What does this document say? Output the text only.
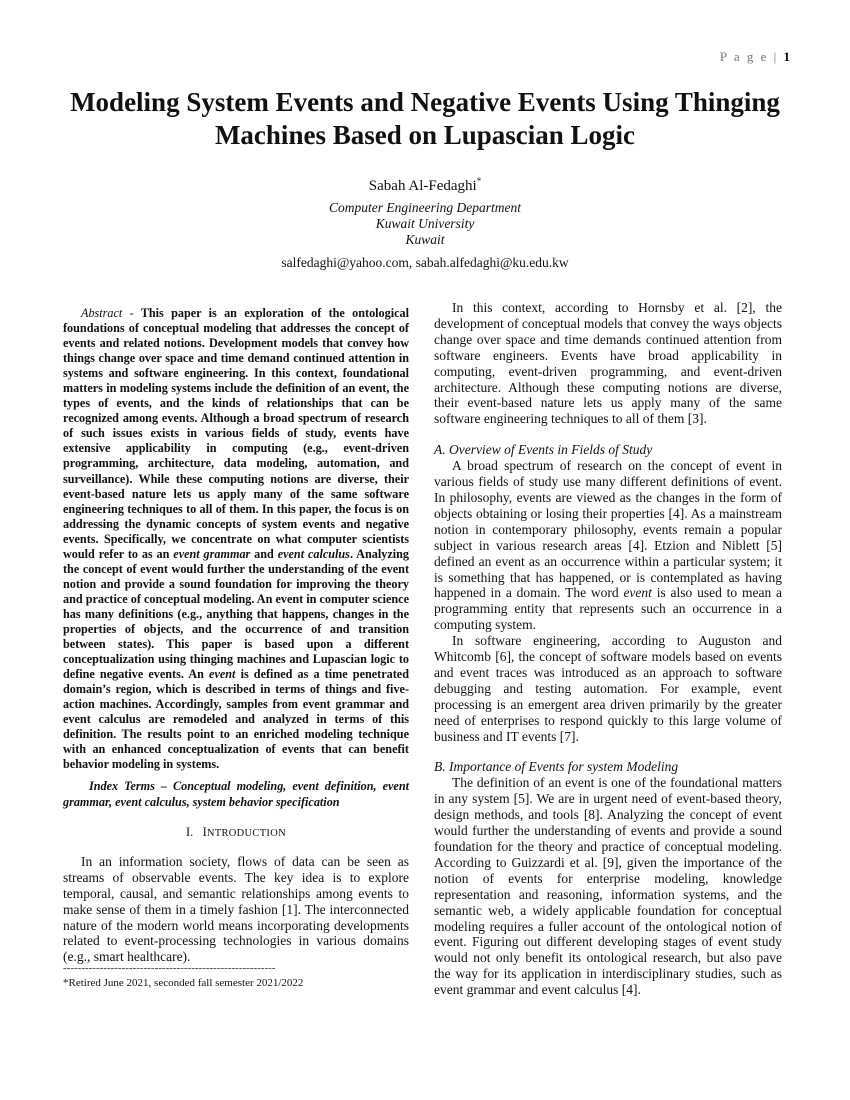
P a g e | 1
Modeling System Events and Negative Events Using Thinging Machines Based on Lupascian Logic
Sabah Al-Fedaghi*
Computer Engineering Department
Kuwait University
Kuwait
salfedaghi@yahoo.com, sabah.alfedaghi@ku.edu.kw

Abstract - This paper is an exploration of the ontological foundations of conceptual modeling that addresses the concept of events and related notions. Development models that convey how things change over space and time demand continued attention in systems and software engineering. In this context, foundational matters in modeling systems include the definition of an event, the types of events, and the kinds of relationships that can be recognized among events. Although a broad spectrum of research of such issues exists in various fields of study, events have extensive applicability in computing (e.g., event-driven programming, architecture, data modeling, automation, and surveillance). While these computing notions are diverse, their event-based nature lets us apply many of the same software engineering techniques to all of them. In this paper, the focus is on addressing the dynamic concepts of system events and negative events. Specifically, we concentrate on what computer scientists would refer to as an event grammar and event calculus. Analyzing the concept of event would further the understanding of the event notion and provide a sound foundation for improving the theory and practice of conceptual modeling. An event in computer science has many definitions (e.g., anything that happens, changes in the properties of objects, and the occurrence of and transition between states). This paper is based upon a different conceptualization using thinging machines and Lupascian logic to define negative events. An event is defined as a time penetrated domain’s region, which is described in terms of things and five-action machines. Accordingly, samples from event grammar and event calculus are remodeled and analyzed in terms of this definition. The results point to an enriched modeling technique with an enhanced conceptualization of events that can benefit behavior modeling in systems.

Index Terms – Conceptual modeling, event definition, event grammar, event calculus, system behavior specification

I. INTRODUCTION

In an information society, flows of data can be seen as streams of observable events. The key idea is to explore temporal, causal, and semantic relationships among events to make sense of them in a timely fashion [1]. The interconnected nature of the modern world means incorporating developments related to event-processing technologies in various domains (e.g., smart healthcare).

----------------------------------------------------------
*Retired June 2021, seconded fall semester 2021/2022

In this context, according to Hornsby et al. [2], the development of conceptual models that convey the ways objects change over space and time demands continued attention from software engineers. Events have broad applicability in computing, event-driven programming, and event-driven architecture. Although these computing notions are diverse, their event-based nature lets us apply many of the same software engineering techniques to all of them [3].

A. Overview of Events in Fields of Study

A broad spectrum of research on the concept of event in various fields of study use many different definitions of event. In philosophy, events are viewed as the changes in the form of objects obtaining or losing their properties [4]. As a mainstream notion in contemporary philosophy, events remain a popular subject in various research areas [4]. Etzion and Niblett [5] defined an event as an occurrence within a particular system; it is something that has happened, or is contemplated as having happened in a domain. The word event is also used to mean a programming entity that represents such an occurrence in a computing system.

In software engineering, according to Auguston and Whitcomb [6], the concept of software models based on events and event traces was introduced as an approach to software debugging and testing automation. For example, event processing is an emergent area driven primarily by the greater need of enterprises to respond quickly to this large volume of business and IT events [7].

B. Importance of Events for system Modeling

The definition of an event is one of the foundational matters in any system [5]. We are in urgent need of event-based theory, design methods, and tools [8]. Analyzing the concept of event would further the understanding of events and provide a sound foundation for the theory and practice of conceptual modeling. According to Guizzardi et al. [9], given the importance of the notion of events for enterprise modeling, knowledge representation and reasoning, information systems, and the semantic web, a widely applicable foundation for conceptual modeling requires a fuller account of the ontological notion of event. Figuring out different developing stages of event study would not only benefit its ontological research, but also pave the way for its application in interdisciplinary studies, such as event grammar and event calculus [4].
